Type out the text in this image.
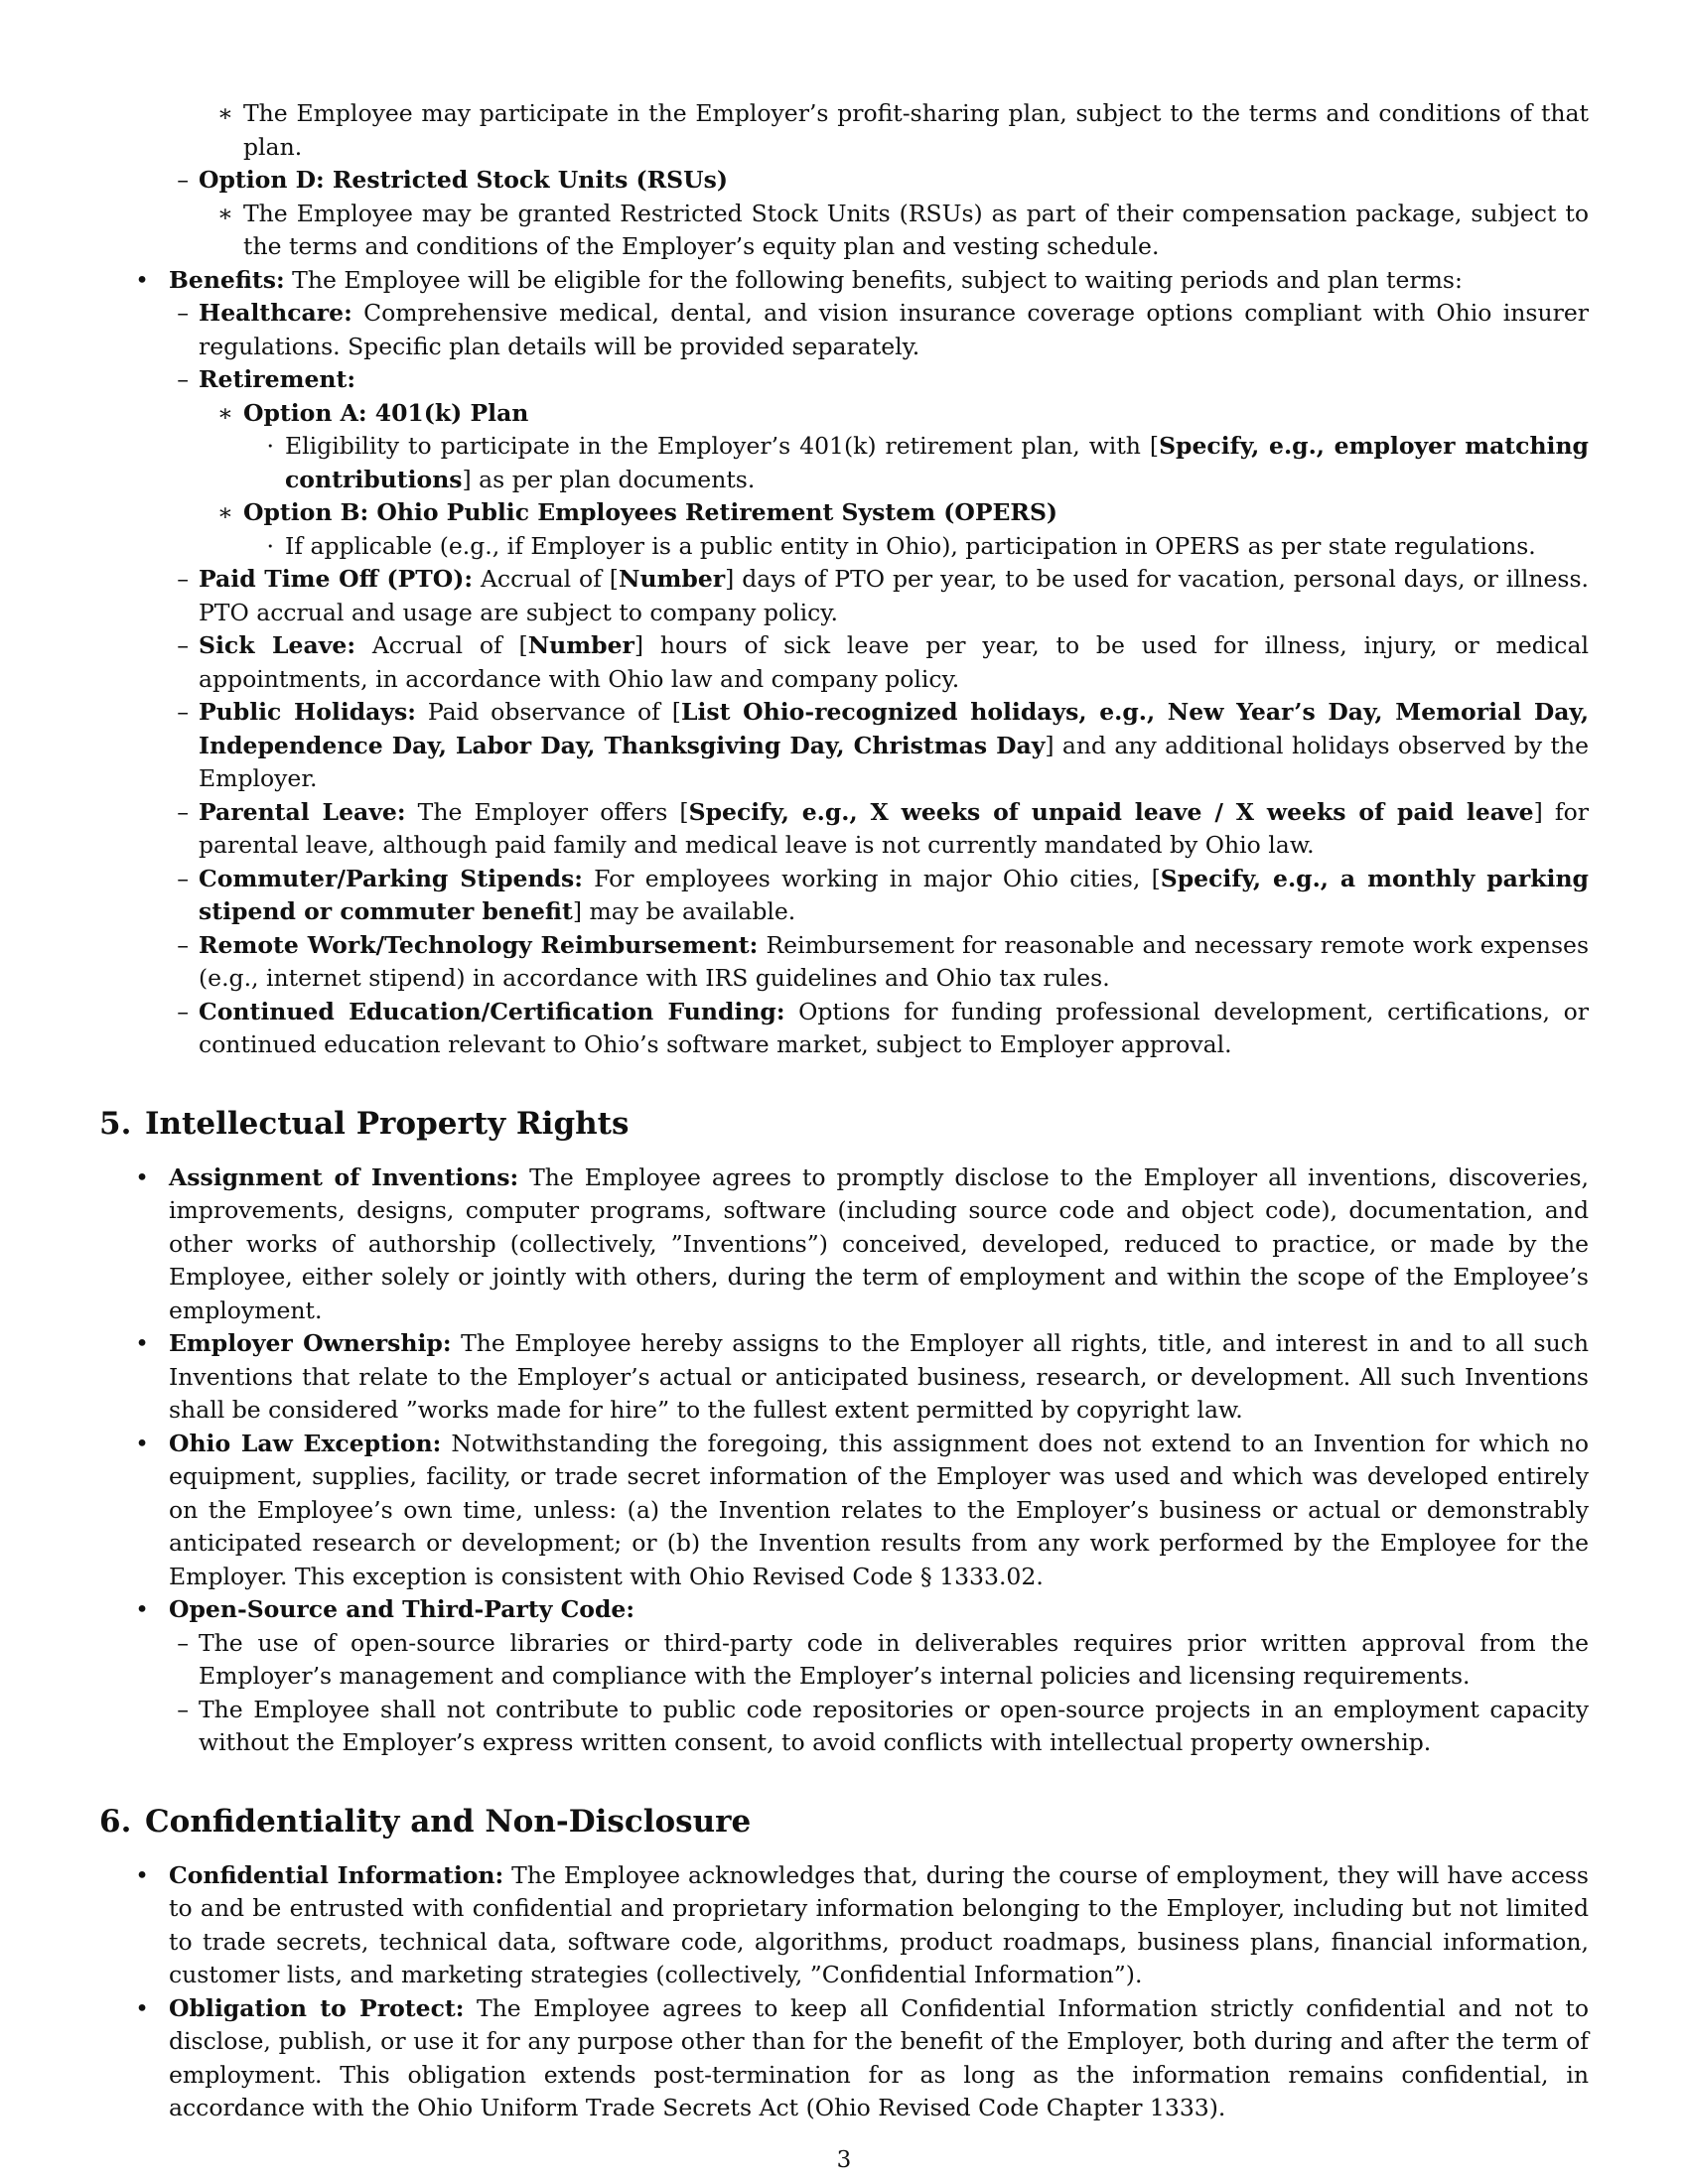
∗ The Employee may participate in the Employer’s profit-sharing plan, subject to the terms and conditions of that plan.
– Option D: Restricted Stock Units (RSUs)
∗ The Employee may be granted Restricted Stock Units (RSUs) as part of their compensation package, subject to the terms and conditions of the Employer’s equity plan and vesting schedule.
• Benefits: The Employee will be eligible for the following benefits, subject to waiting periods and plan terms:
– Healthcare: Comprehensive medical, dental, and vision insurance coverage options compliant with Ohio insurer regulations. Specific plan details will be provided separately.
– Retirement:
∗ Option A: 401(k) Plan
· Eligibility to participate in the Employer’s 401(k) retirement plan, with [Specify, e.g., employer matching contributions] as per plan documents.
∗ Option B: Ohio Public Employees Retirement System (OPERS)
· If applicable (e.g., if Employer is a public entity in Ohio), participation in OPERS as per state regulations.
– Paid Time Off (PTO): Accrual of [Number] days of PTO per year, to be used for vacation, personal days, or illness. PTO accrual and usage are subject to company policy.
– Sick Leave: Accrual of [Number] hours of sick leave per year, to be used for illness, injury, or medical appointments, in accordance with Ohio law and company policy.
– Public Holidays: Paid observance of [List Ohio-recognized holidays, e.g., New Year’s Day, Memorial Day, Independence Day, Labor Day, Thanksgiving Day, Christmas Day] and any additional holidays observed by the Employer.
– Parental Leave: The Employer offers [Specify, e.g., X weeks of unpaid leave / X weeks of paid leave] for parental leave, although paid family and medical leave is not currently mandated by Ohio law.
– Commuter/Parking Stipends: For employees working in major Ohio cities, [Specify, e.g., a monthly parking stipend or commuter benefit] may be available.
– Remote Work/Technology Reimbursement: Reimbursement for reasonable and necessary remote work expenses (e.g., internet stipend) in accordance with IRS guidelines and Ohio tax rules.
– Continued Education/Certification Funding: Options for funding professional development, certifications, or continued education relevant to Ohio’s software market, subject to Employer approval.
5. Intellectual Property Rights
• Assignment of Inventions: The Employee agrees to promptly disclose to the Employer all inventions, discoveries, improvements, designs, computer programs, software (including source code and object code), documentation, and other works of authorship (collectively, ”Inventions”) conceived, developed, reduced to practice, or made by the Employee, either solely or jointly with others, during the term of employment and within the scope of the Employee’s employment.
• Employer Ownership: The Employee hereby assigns to the Employer all rights, title, and interest in and to all such Inventions that relate to the Employer’s actual or anticipated business, research, or development. All such Inventions shall be considered ”works made for hire” to the fullest extent permitted by copyright law.
• Ohio Law Exception: Notwithstanding the foregoing, this assignment does not extend to an Invention for which no equipment, supplies, facility, or trade secret information of the Employer was used and which was developed entirely on the Employee’s own time, unless: (a) the Invention relates to the Employer’s business or actual or demonstrably anticipated research or development; or (b) the Invention results from any work performed by the Employee for the Employer. This exception is consistent with Ohio Revised Code § 1333.02.
• Open-Source and Third-Party Code:
– The use of open-source libraries or third-party code in deliverables requires prior written approval from the Employer’s management and compliance with the Employer’s internal policies and licensing requirements.
– The Employee shall not contribute to public code repositories or open-source projects in an employment capacity without the Employer’s express written consent, to avoid conflicts with intellectual property ownership.
6. Confidentiality and Non-Disclosure
• Confidential Information: The Employee acknowledges that, during the course of employment, they will have access to and be entrusted with confidential and proprietary information belonging to the Employer, including but not limited to trade secrets, technical data, software code, algorithms, product roadmaps, business plans, financial information, customer lists, and marketing strategies (collectively, ”Confidential Information”).
• Obligation to Protect: The Employee agrees to keep all Confidential Information strictly confidential and not to disclose, publish, or use it for any purpose other than for the benefit of the Employer, both during and after the term of employment. This obligation extends post-termination for as long as the information remains confidential, in accordance with the Ohio Uniform Trade Secrets Act (Ohio Revised Code Chapter 1333).
3
